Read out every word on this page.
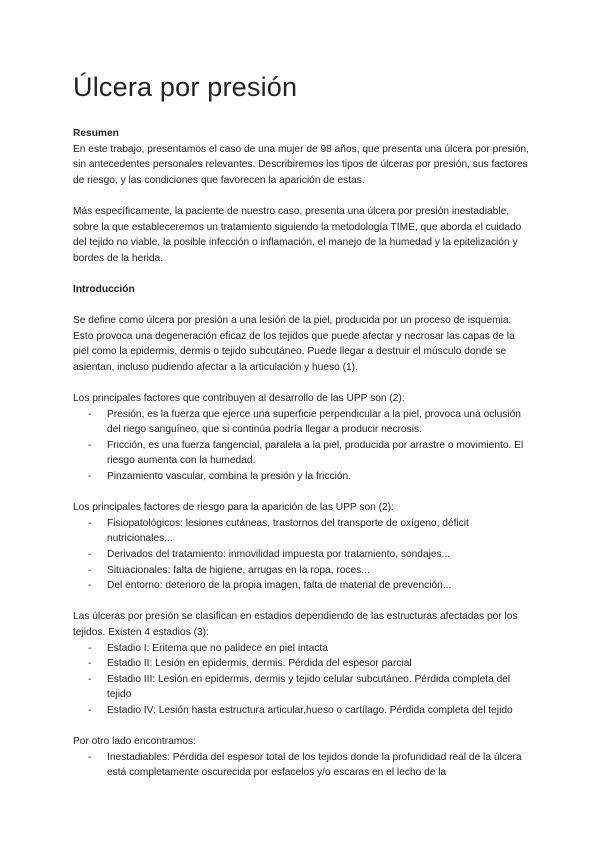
Úlcera por presión

Resumen

En este trabajo, presentamos el caso de una mujer de 98 años, que presenta una úlcera por presión, sin antecedentes personales relevantes. Describiremos los tipos de úlceras por presión, sus factores de riesgo, y las condiciones que favorecen la aparición de estas.

Más específicamente, la paciente de nuestro caso, presenta una úlcera por presión inestadiable, sobre la que estableceremos un tratamiento siguiendo la metodología TIME, que aborda el cuidado del tejido no viable, la posible infección o inflamación, el manejo de la humedad y la epitelización y bordes de la herida.

Introducción

Se define como úlcera por presión a una lesión de la piel, producida por un proceso de isquemia. Esto provoca una degeneración eficaz de los tejidos que puede afectar y necrosar las capas de la piel como la epidermis, dermis o tejido subcutáneo. Puede llegar a destruir el músculo donde se asientan, incluso pudiendo afectar a la articulación y hueso (1).

Los principales factores que contribuyen al desarrollo de las UPP son (2):

- Presión, es la fuerza que ejerce una superficie perpendicular a la piel, provoca una oclusión del riego sanguíneo, que si continúa podría llegar a producir necrosis.
- Fricción, es una fuerza tangencial, paralela a la piel, producida por arrastre o movimiento. El riesgo aumenta con la humedad.
- Pinzamiento vascular, combina la presión y la fricción.

Los principales factores de riesgo para la aparición de las UPP son (2):

- Fisiopatológicos: lesiones cutáneas, trastornos del transporte de oxígeno, déficit nutricionales...
- Derivados del tratamiento: inmovilidad impuesta por tratamiento, sondajes...
- Situacionales: falta de higiene, arrugas en la ropa, roces...
- Del entorno: deterioro de la propia imagen, falta de material de prevención...

Las úlceras por presión se clasifican en estadios dependiendo de las estructuras afectadas por los tejidos. Existen 4 estadios (3):

- Estadio I: Eritema que no palidece en piel intacta
- Estadio II: Lesión en epidermis, dermis. Pérdida del espesor parcial
- Estadio III: Lesión en epidermis, dermis y tejido celular subcutáneo. Pérdida completa del tejido
- Estadio IV: Lesión hasta estructura articular,hueso o cartílago. Pérdida completa del tejido

Por otro lado encontramos:

- Inestadiables: Pérdida del espesor total de los tejidos donde la profundidad real de la úlcera está completamente oscurecida por esfacelos y/o escaras en el lecho de la
